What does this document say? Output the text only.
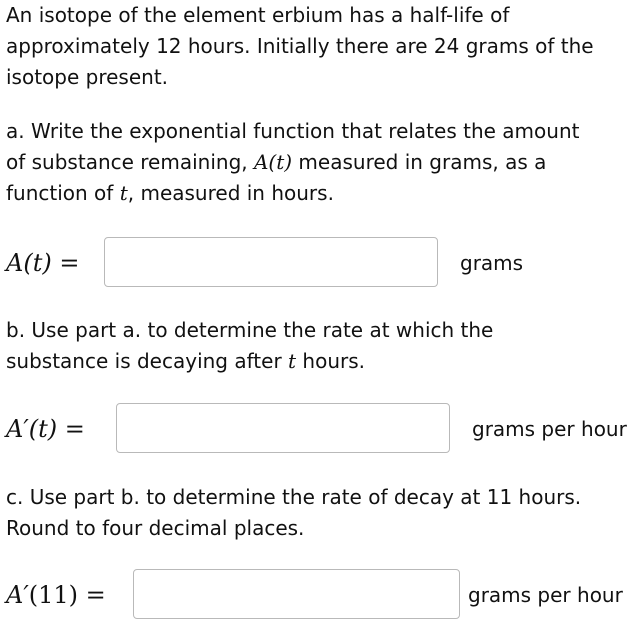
An isotope of the element erbium has a half-life of
approximately 12 hours. Initially there are 24 grams of the
isotope present.
a. Write the exponential function that relates the amount
of substance remaining, A(t) measured in grams, as a
function of t, measured in hours.
A(t) =	grams
b. Use part a. to determine the rate at which the
substance is decaying after t hours.
A′(t) =	grams per hour
c. Use part b. to determine the rate of decay at 11 hours.
Round to four decimal places.
A′(11) =	grams per hour
